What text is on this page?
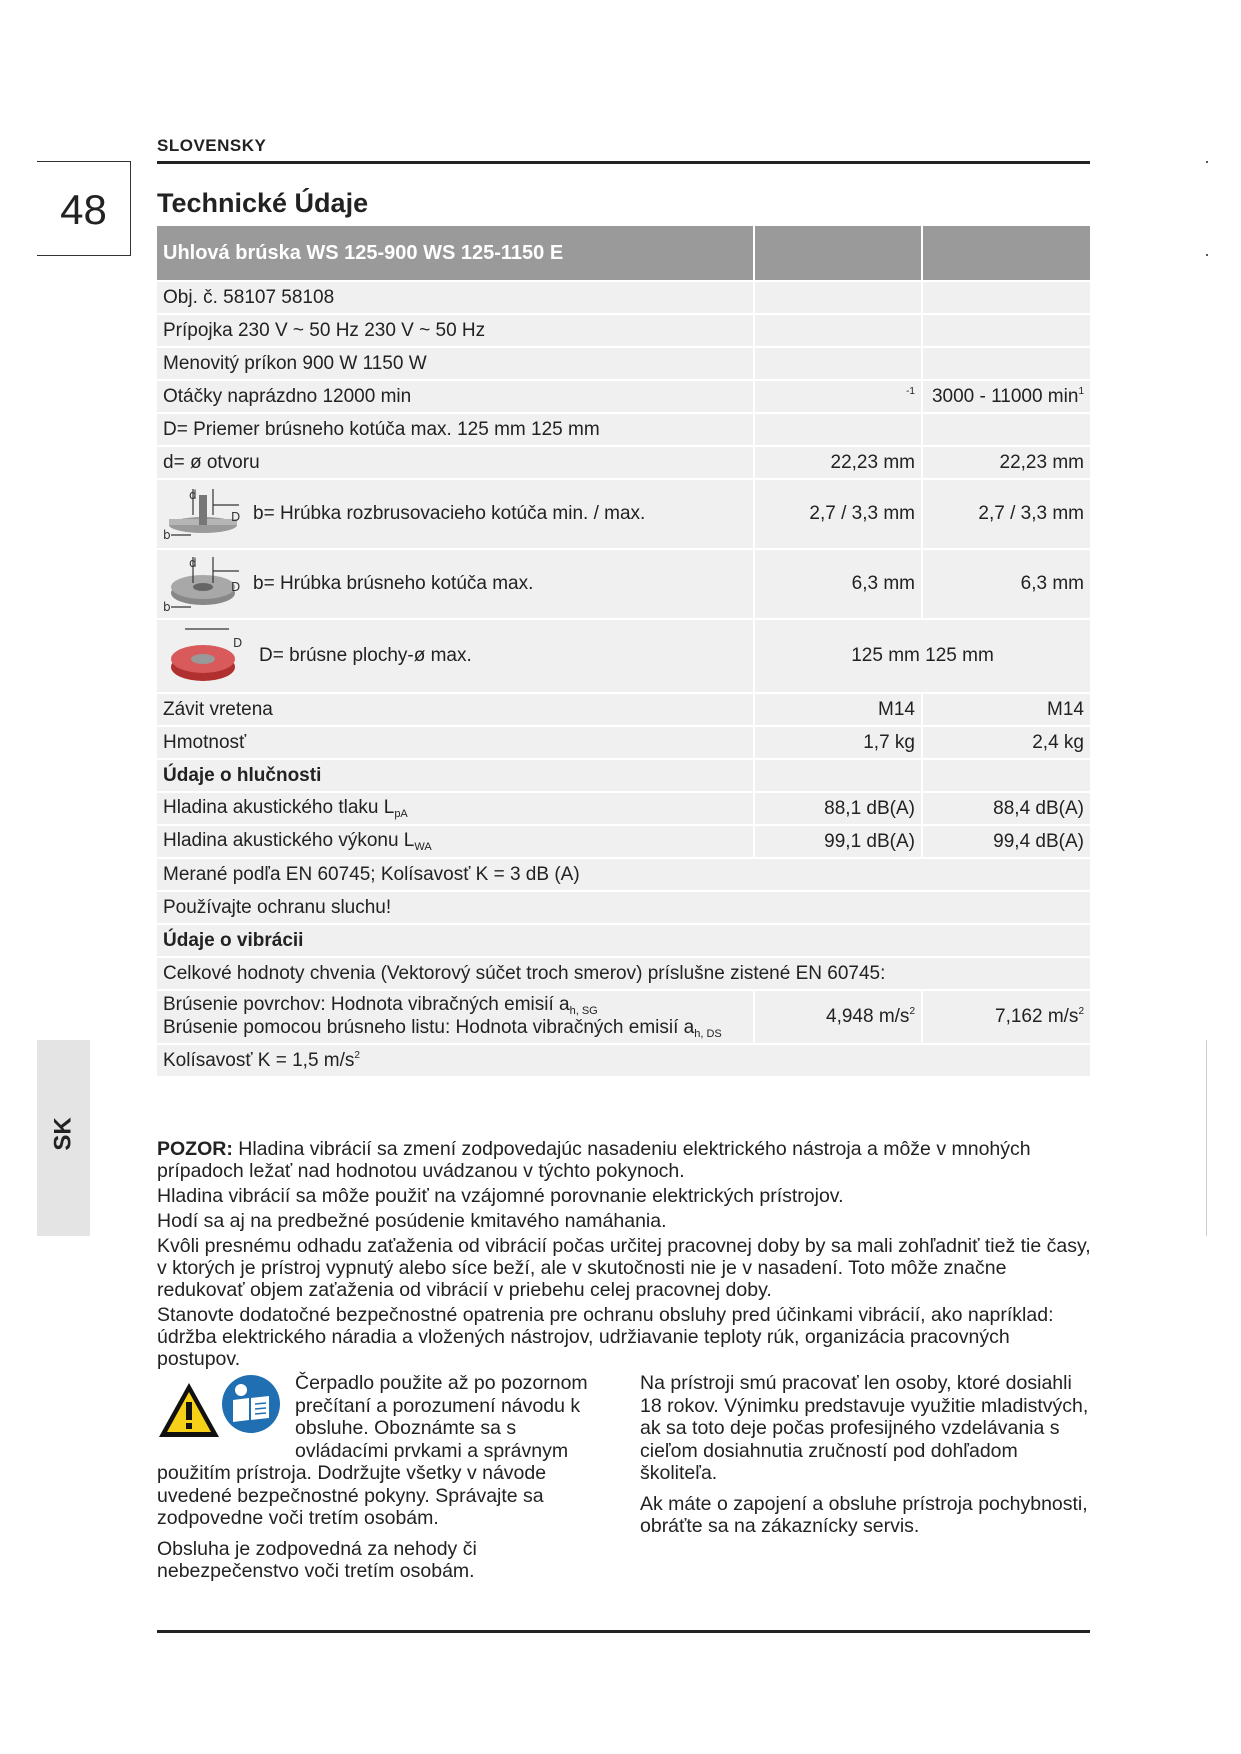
SLOVENSKY
48
SK
Technické Údaje
Uhlová brúska WS 125-900 WS 125-1150 E		
Obj. č. 58107 58108		
Prípojka 230 V ~ 50 Hz 230 V ~ 50 Hz		
Menovitý príkon 900 W 1150 W		
Otáčky naprázdno 12000 min	$^{-1}$	3000 - 11000 $\min^1$
D= Priemer brúsneho kotúča max. 125 mm 125 mm		
d= ø otvoru	22,23 mm	22,23 mm

d
D
b
b= Hrúbka rozbrusovacieho kotúča min. / max.	2,7 / 3,3 mm	2,7 / 3,3 mm

d
D
b
b= Hrúbka brúsneho kotúča max.	6,3 mm	6,3 mm

D
D= brúsne plochy-ø max.	125 mm 125 mm	
Závit vretena	M14	M14
Hmotnosť	1,7 kg	2,4 kg
Údaje o hlučnosti		
Hladina akustického tlaku $L_{pA}$	88,1 dB(A)	88,4 dB(A)
Hladina akustického výkonu $L_{WA}$	99,1 dB(A)	99,4 dB(A)
Merané podľa EN 60745; Kolísavosť K = 3 dB (A)		
Používajte ochranu sluchu!		
Údaje o vibrácii		
Celkové hodnoty chvenia (Vektorový súčet troch smerov) príslušne zistené EN 60745:		

Brúsenie povrchov: Hodnota vibračných emisií $a_{h, SG}$
Brúsenie pomocou brúsneho listu: Hodnota vibračných emisií $a_{h, DS}$	4,948 $m/s^2$	7,162 $m/s^2$
Kolísavosť K = 1,5 $m/s^2$

POZOR: Hladina vibrácií sa zmení zodpovedajúc nasadeniu elektrického nástroja a môže v mnohých prípadoch ležať nad hodnotou uvádzanou v týchto pokynoch.

Hladina vibrácií sa môže použiť na vzájomné porovnanie elektrických prístrojov.

Hodí sa aj na predbežné posúdenie kmitavého namáhania.

Kvôli presnému odhadu zaťaženia od vibrácií počas určitej pracovnej doby by sa mali zohľadniť tiež tie časy, v ktorých je prístroj vypnutý alebo síce beží, ale v skutočnosti nie je v nasadení. Toto môže značne redukovať objem zaťaženia od vibrácií v priebehu celej pracovnej doby.

Stanovte dodatočné bezpečnostné opatrenia pre ochranu obsluhy pred účinkami vibrácií, ako napríklad: údržba elektrického náradia a vložených nástrojov, udržiavanie teploty rúk, organizácia pracovných postupov.

Čerpadlo použite až po pozornom prečítaní a porozumení návodu k obsluhe. Oboznámte sa s ovládacími prvkami a správnym použitím prístroja. Dodržujte všetky v návode uvedené bezpečnostné pokyny. Správajte sa zodpovedne voči tretím osobám.

Obsluha je zodpovedná za nehody či nebezpečenstvo voči tretím osobám.

Na prístroji smú pracovať len osoby, ktoré dosiahli 18 rokov. Výnimku predstavuje využitie mladistvých, ak sa toto deje počas profesijného vzdelávania s cieľom dosiahnutia zručností pod dohľadom školiteľa.

Ak máte o zapojení a obsluhe prístroja pochybnosti, obráťte sa na zákaznícky servis.
